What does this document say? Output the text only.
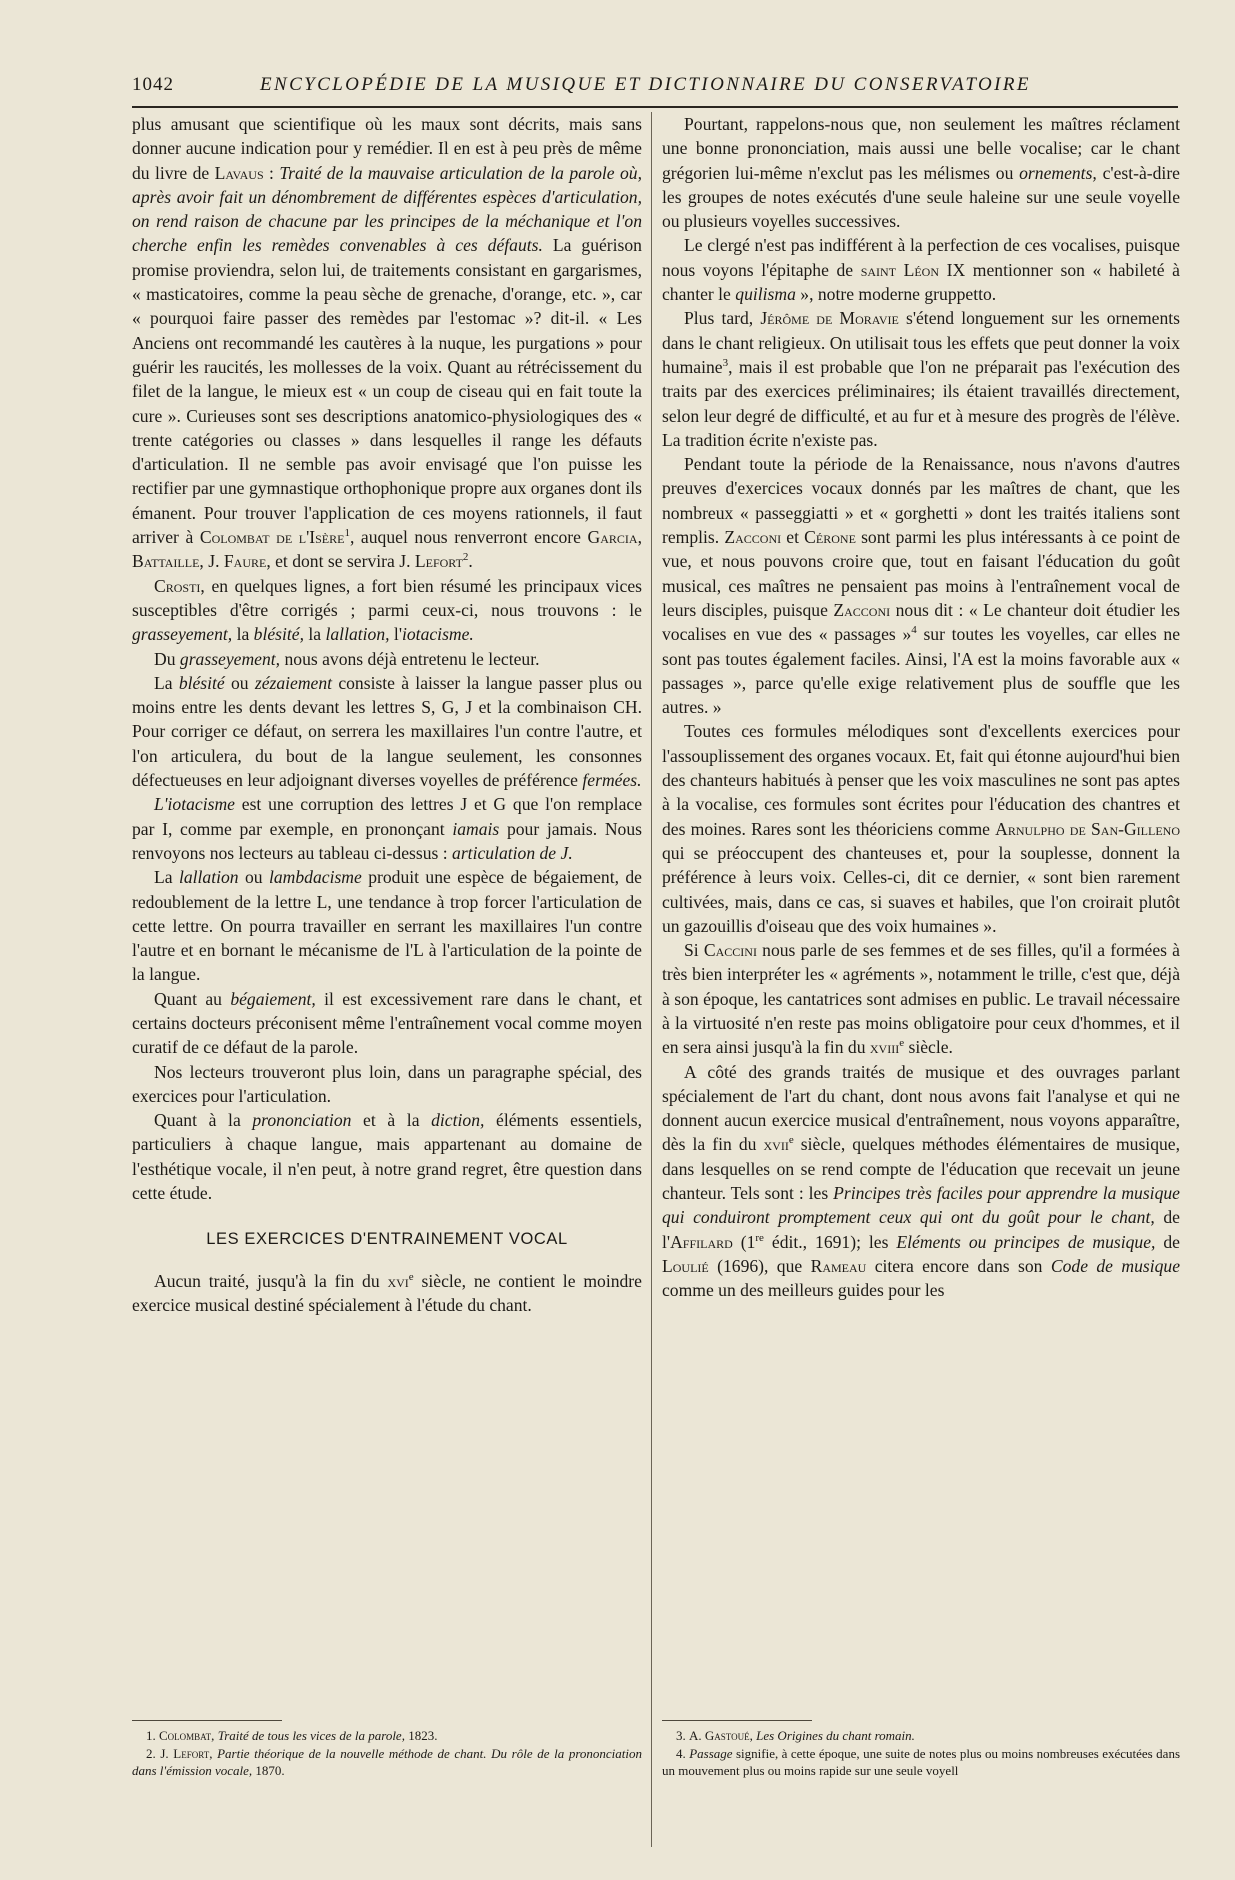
1042	ENCYCLOPÉDIE DE LA MUSIQUE ET DICTIONNAIRE DU CONSERVATOIRE

plus amusant que scientifique où les maux sont décrits, mais sans donner aucune indication pour y remédier. Il en est à peu près de même du livre de Lavaus : Traité de la mauvaise articulation de la parole où, après avoir fait un dénombrement de différentes espèces d'articulation, on rend raison de chacune par les principes de la méchanique et l'on cherche enfin les remèdes convenables à ces défauts. La guérison promise proviendra, selon lui, de traitements consistant en gargarismes, « masticatoires, comme la peau sèche de grenache, d'orange, etc. », car « pourquoi faire passer des remèdes par l'estomac »? dit-il. « Les Anciens ont recommandé les cautères à la nuque, les purgations » pour guérir les raucités, les mollesses de la voix. Quant au rétrécissement du filet de la langue, le mieux est « un coup de ciseau qui en fait toute la cure ». Curieuses sont ses descriptions anatomico-physiologiques des « trente catégories ou classes » dans lesquelles il range les défauts d'articulation. Il ne semble pas avoir envisagé que l'on puisse les rectifier par une gymnastique orthophonique propre aux organes dont ils émanent. Pour trouver l'application de ces moyens rationnels, il faut arriver à Colombat de l'Isère$^1$, auquel nous renverront encore Garcia, Battaille, J. Faure, et dont se servira J. Lefort$^2$.

Crosti, en quelques lignes, a fort bien résumé les principaux vices susceptibles d'être corrigés ; parmi ceux-ci, nous trouvons : le grasseyement, la blésité, la lallation, l'iotacisme.

Du grasseyement, nous avons déjà entretenu le lecteur.

La blésité ou zézaiement consiste à laisser la langue passer plus ou moins entre les dents devant les lettres S, G, J et la combinaison CH. Pour corriger ce défaut, on serrera les maxillaires l'un contre l'autre, et l'on articulera, du bout de la langue seulement, les consonnes défectueuses en leur adjoignant diverses voyelles de préférence fermées.

L'iotacisme est une corruption des lettres J et G que l'on remplace par I, comme par exemple, en prononçant iamais pour jamais. Nous renvoyons nos lecteurs au tableau ci-dessus : articulation de J.

La lallation ou lambdacisme produit une espèce de bégaiement, de redoublement de la lettre L, une tendance à trop forcer l'articulation de cette lettre. On pourra travailler en serrant les maxillaires l'un contre l'autre et en bornant le mécanisme de l'L à l'articulation de la pointe de la langue.

Quant au bégaiement, il est excessivement rare dans le chant, et certains docteurs préconisent même l'entraînement vocal comme moyen curatif de ce défaut de la parole.

Nos lecteurs trouveront plus loin, dans un paragraphe spécial, des exercices pour l'articulation.

Quant à la prononciation et à la diction, éléments essentiels, particuliers à chaque langue, mais appartenant au domaine de l'esthétique vocale, il n'en peut, à notre grand regret, être question dans cette étude.

LES EXERCICES D'ENTRAINEMENT VOCAL

Aucun traité, jusqu'à la fin du xvi$^e$ siècle, ne contient le moindre exercice musical destiné spécialement à l'étude du chant.

Pourtant, rappelons-nous que, non seulement les maîtres réclament une bonne prononciation, mais aussi une belle vocalise; car le chant grégorien lui-même n'exclut pas les mélismes ou ornements, c'est-à-dire les groupes de notes exécutés d'une seule haleine sur une seule voyelle ou plusieurs voyelles successives.

Le clergé n'est pas indifférent à la perfection de ces vocalises, puisque nous voyons l'épitaphe de saint Léon IX mentionner son « habileté à chanter le quilisma », notre moderne gruppetto.

Plus tard, Jérôme de Moravie s'étend longuement sur les ornements dans le chant religieux. On utilisait tous les effets que peut donner la voix humaine$^3$, mais il est probable que l'on ne préparait pas l'exécution des traits par des exercices préliminaires; ils étaient travaillés directement, selon leur degré de difficulté, et au fur et à mesure des progrès de l'élève. La tradition écrite n'existe pas.

Pendant toute la période de la Renaissance, nous n'avons d'autres preuves d'exercices vocaux donnés par les maîtres de chant, que les nombreux « passeggiatti » et « gorghetti » dont les traités italiens sont remplis. Zacconi et Cérone sont parmi les plus intéressants à ce point de vue, et nous pouvons croire que, tout en faisant l'éducation du goût musical, ces maîtres ne pensaient pas moins à l'entraînement vocal de leurs disciples, puisque Zacconi nous dit : « Le chanteur doit étudier les vocalises en vue des « passages »$^4$ sur toutes les voyelles, car elles ne sont pas toutes également faciles. Ainsi, l'A est la moins favorable aux « passages », parce qu'elle exige relativement plus de souffle que les autres. »

Toutes ces formules mélodiques sont d'excellents exercices pour l'assouplissement des organes vocaux. Et, fait qui étonne aujourd'hui bien des chanteurs habitués à penser que les voix masculines ne sont pas aptes à la vocalise, ces formules sont écrites pour l'éducation des chantres et des moines. Rares sont les théoriciens comme Arnulpho de San-Gilleno qui se préoccupent des chanteuses et, pour la souplesse, donnent la préférence à leurs voix. Celles-ci, dit ce dernier, « sont bien rarement cultivées, mais, dans ce cas, si suaves et habiles, que l'on croirait plutôt un gazouillis d'oiseau que des voix humaines ».

Si Caccini nous parle de ses femmes et de ses filles, qu'il a formées à très bien interpréter les « agréments », notamment le trille, c'est que, déjà à son époque, les cantatrices sont admises en public. Le travail nécessaire à la virtuosité n'en reste pas moins obligatoire pour ceux d'hommes, et il en sera ainsi jusqu'à la fin du xviii$^e$ siècle.

A côté des grands traités de musique et des ouvrages parlant spécialement de l'art du chant, dont nous avons fait l'analyse et qui ne donnent aucun exercice musical d'entraînement, nous voyons apparaître, dès la fin du xvii$^e$ siècle, quelques méthodes élémentaires de musique, dans lesquelles on se rend compte de l'éducation que recevait un jeune chanteur. Tels sont : les Principes très faciles pour apprendre la musique qui conduiront promptement ceux qui ont du goût pour le chant, de l'Affilard (1re édit., 1691); les Eléments ou principes de musique, de Loulié (1696), que Rameau citera encore dans son Code de musique comme un des meilleurs guides pour les

1. Colombat, Traité de tous les vices de la parole, 1823.

2. J. Lefort, Partie théorique de la nouvelle méthode de chant. Du rôle de la prononciation dans l'émission vocale, 1870.

3. A. Gastoué, Les Origines du chant romain.

4. Passage signifie, à cette époque, une suite de notes plus ou moins nombreuses exécutées dans un mouvement plus ou moins rapide sur une seule voyell
